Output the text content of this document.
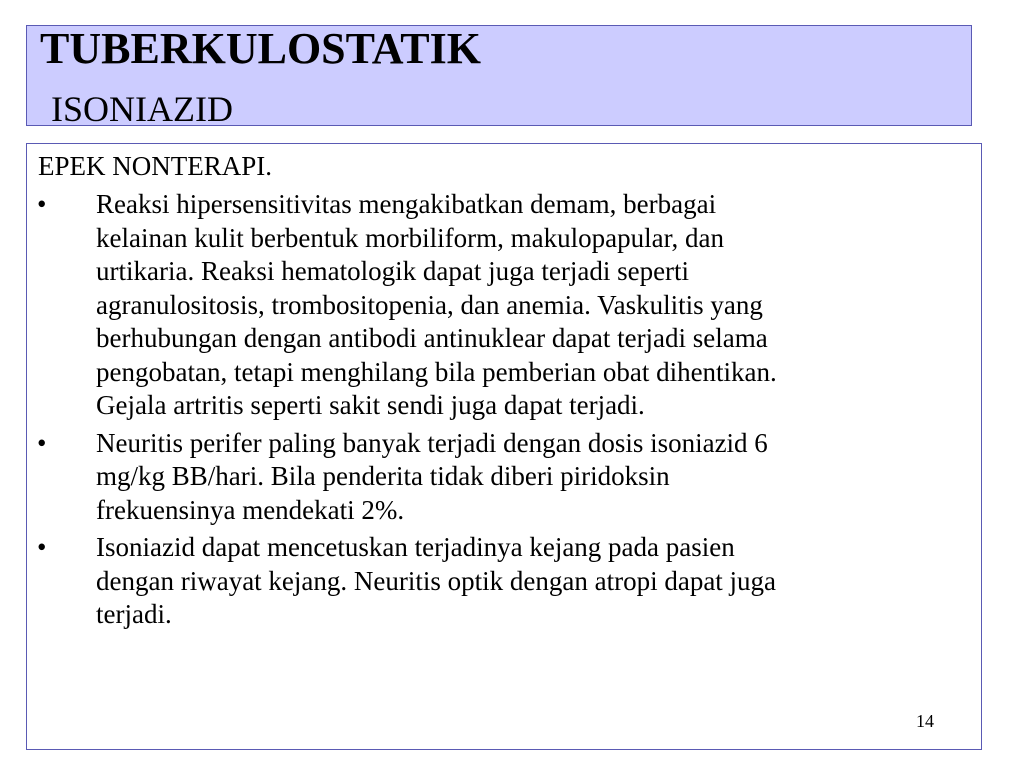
TUBERKULOSTATIK
ISONIAZID
EPEK NONTERAPI.
• Reaksi hipersensitivitas mengakibatkan demam, berbagai
kelainan kulit berbentuk morbiliform, makulopapular, dan
urtikaria. Reaksi hematologik dapat juga terjadi seperti
agranulositosis, trombositopenia, dan anemia. Vaskulitis yang
berhubungan dengan antibodi antinuklear dapat terjadi selama
pengobatan, tetapi menghilang bila pemberian obat dihentikan.
Gejala artritis seperti sakit sendi juga dapat terjadi.
• Neuritis perifer paling banyak terjadi dengan dosis isoniazid 6
mg/kg BB/hari. Bila penderita tidak diberi piridoksin
frekuensinya mendekati 2%.
• Isoniazid dapat mencetuskan terjadinya kejang pada pasien
dengan riwayat kejang. Neuritis optik dengan atropi dapat juga
terjadi.
14
